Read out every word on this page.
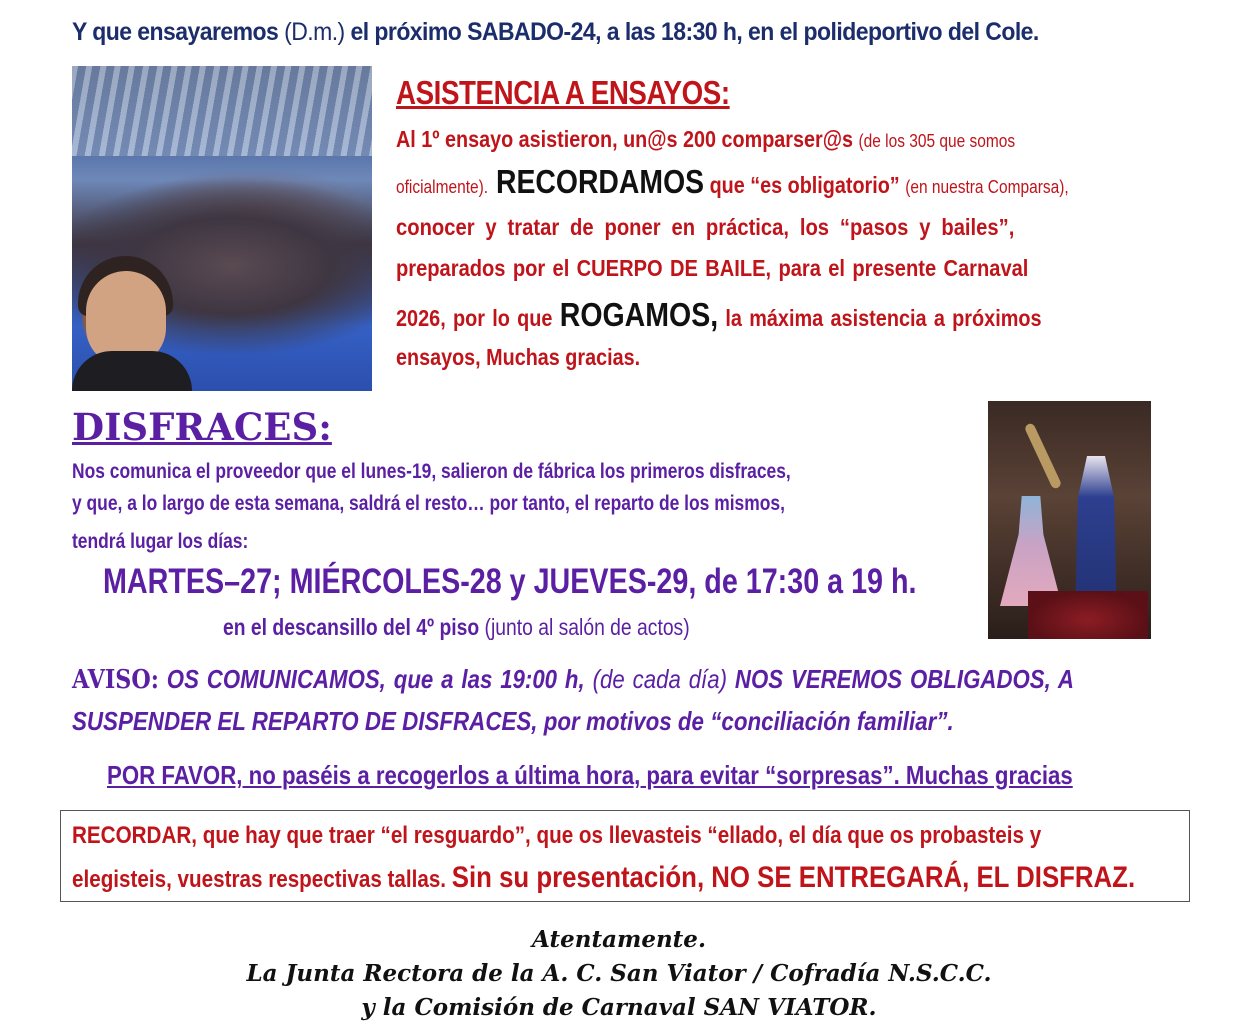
Y que ensayaremos (D.m.) el próximo SABADO-24, a las 18:30 h, en el polideportivo del Cole.
ASISTENCIA A ENSAYOS:
Al 1º ensayo asistieron, un@s 200 comparser@s (de los 305 que somos
oficialmente). RECORDAMOS que “es obligatorio” (en nuestra Comparsa),
conocer y tratar de poner en práctica, los “pasos y bailes”,
preparados por el CUERPO DE BAILE, para el presente Carnaval
2026, por lo que ROGAMOS, la máxima asistencia a próximos
ensayos, Muchas gracias.
DISFRACES:
Nos comunica el proveedor que el lunes-19, salieron de fábrica los primeros disfraces,
y que, a lo largo de esta semana, saldrá el resto… por tanto, el reparto de los mismos,
tendrá lugar los días:
MARTES–27; MIÉRCOLES-28 y JUEVES-29, de 17:30 a 19 h.
en el descansillo del 4º piso (junto al salón de actos)
AVISO: OS COMUNICAMOS, que a las 19:00 h, (de cada día) NOS VEREMOS OBLIGADOS, A
SUSPENDER EL REPARTO DE DISFRACES, por motivos de “conciliación familiar”.
POR FAVOR, no paséis a recogerlos a última hora, para evitar “sorpresas”. Muchas gracias
RECORDAR, que hay que traer “el resguardo”, que os llevasteis “ellado, el día que os probasteis y
elegisteis, vuestras respectivas tallas. Sin su presentación, NO SE ENTREGARÁ, EL DISFRAZ.
Atentamente.
La Junta Rectora de la A. C. San Viator / Cofradía N.S.C.C.
y la Comisión de Carnaval SAN VIATOR.
